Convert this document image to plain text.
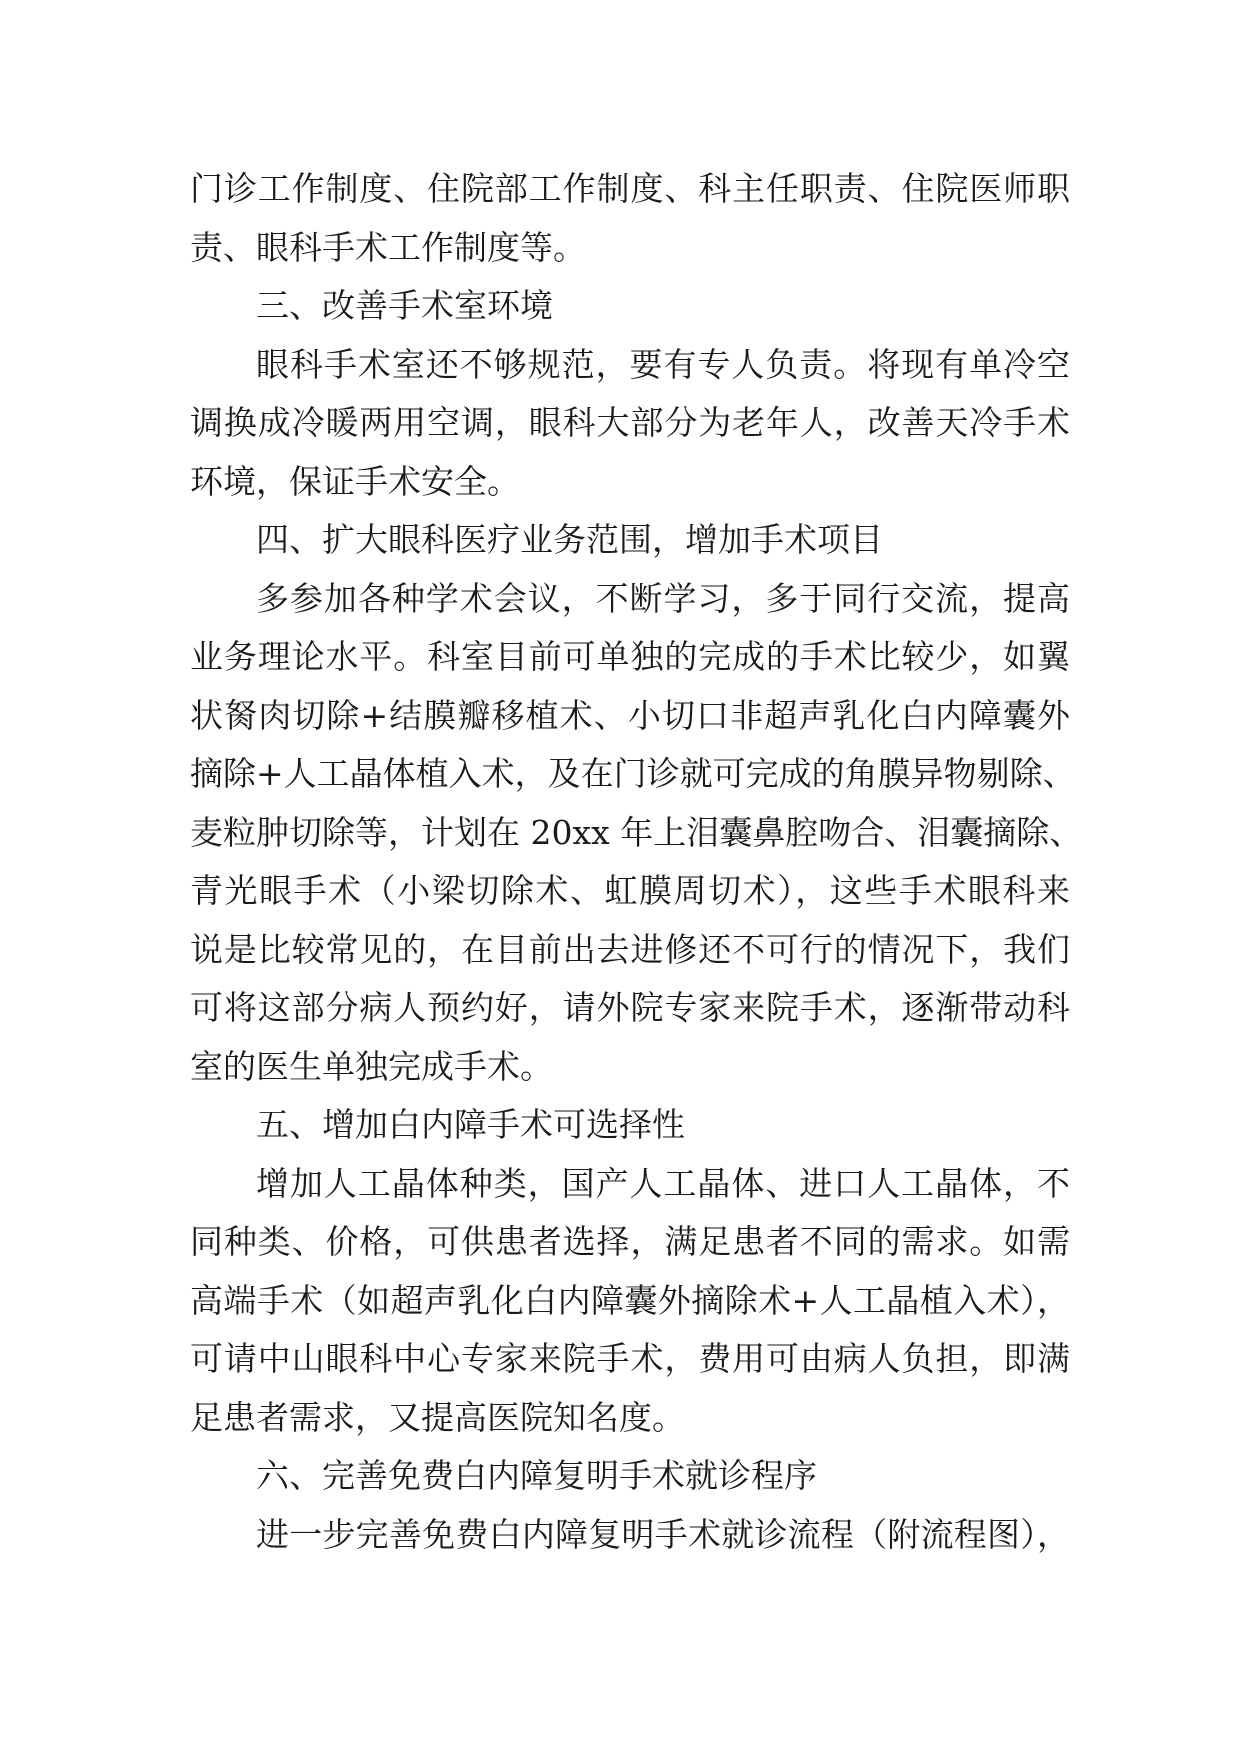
门诊工作制度、住院部工作制度、科主任职责、住院医师职
责、眼科手术工作制度等。
三、改善手术室环境
眼科手术室还不够规范，要有专人负责。将现有单冷空
调换成冷暖两用空调，眼科大部分为老年人，改善天冷手术
环境，保证手术安全。
四、扩大眼科医疗业务范围，增加手术项目
多参加各种学术会议，不断学习，多于同行交流，提高
业务理论水平。科室目前可单独的完成的手术比较少，如翼
状胬肉切除+结膜瓣移植术、小切口非超声乳化白内障囊外
摘除+人工晶体植入术，及在门诊就可完成的角膜异物剔除、
麦粒肿切除等，计划在 20xx 年上泪囊鼻腔吻合、泪囊摘除、
青光眼手术（小梁切除术、虹膜周切术），这些手术眼科来
说是比较常见的，在目前出去进修还不可行的情况下，我们
可将这部分病人预约好，请外院专家来院手术，逐渐带动科
室的医生单独完成手术。
五、增加白内障手术可选择性
增加人工晶体种类，国产人工晶体、进口人工晶体，不
同种类、价格，可供患者选择，满足患者不同的需求。如需
高端手术（如超声乳化白内障囊外摘除术+人工晶植入术），
可请中山眼科中心专家来院手术，费用可由病人负担，即满
足患者需求，又提高医院知名度。
六、完善免费白内障复明手术就诊程序
进一步完善免费白内障复明手术就诊流程（附流程图），
